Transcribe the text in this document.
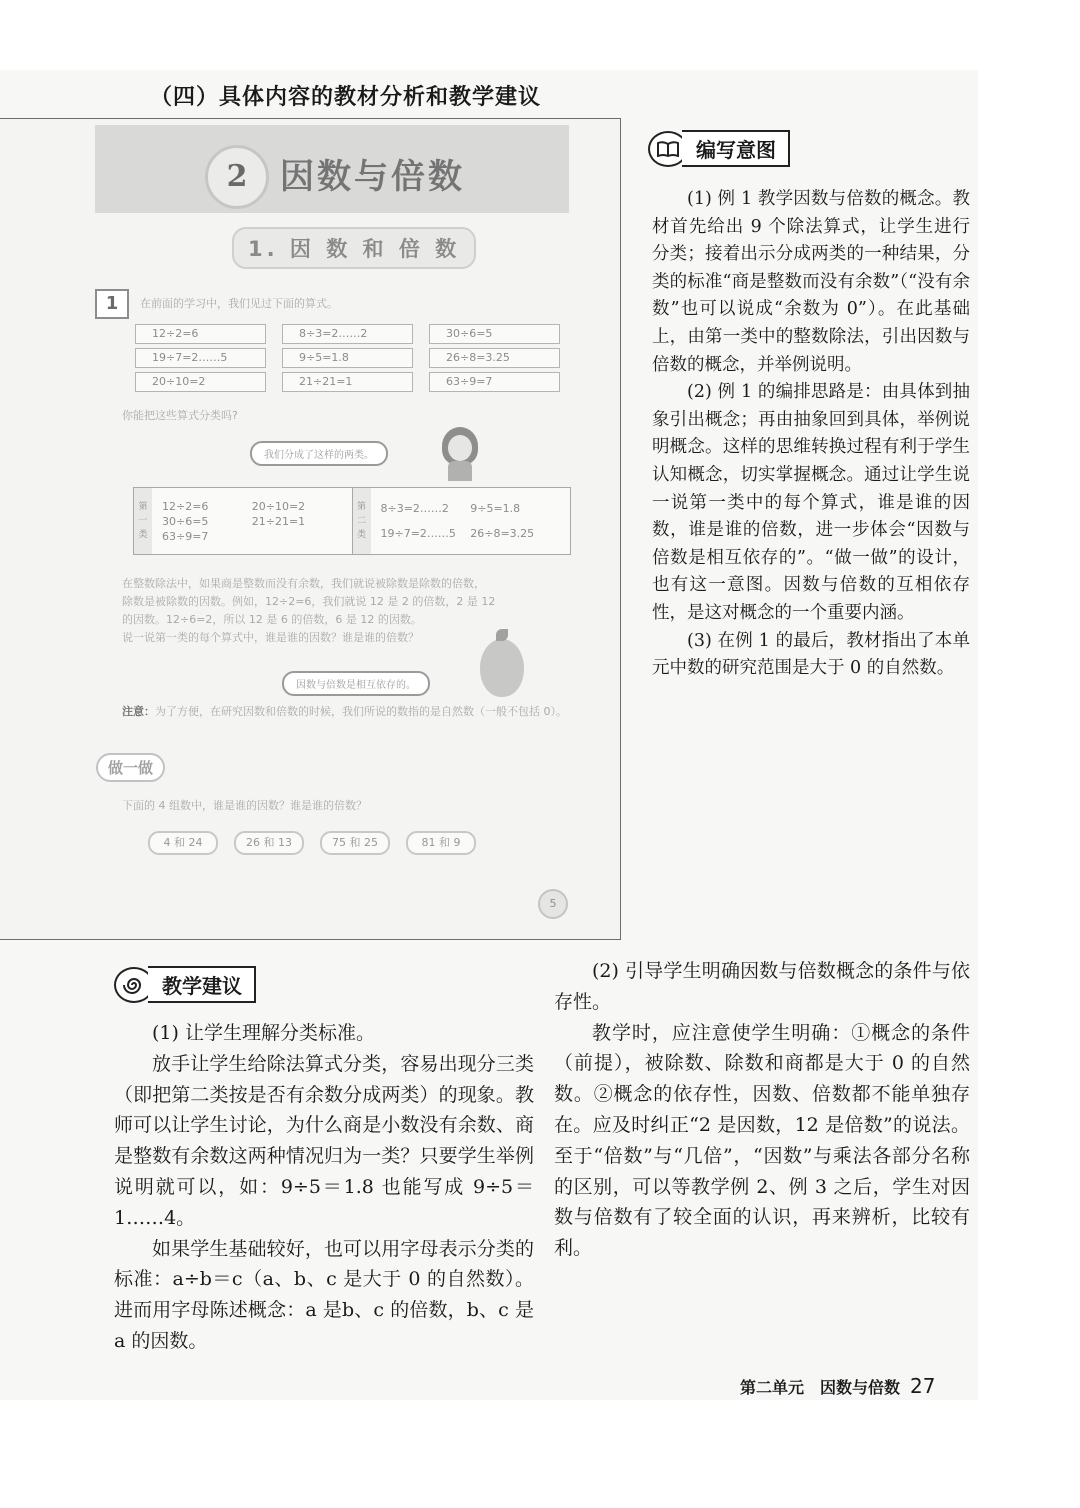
（四）具体内容的教材分析和教学建议
2 因数与倍数
1. 因 数 和 倍 数
1	在前面的学习中，我们见过下面的算式。
12÷2=6	8÷3=2……2	30÷6=5
19÷7=2……5	9÷5=1.8	26÷8=3.25
20÷10=2	21÷21=1	63÷9=7
你能把这些算式分类吗?
我们分成了这样的两类。
第
一
类
12÷2=6	20÷10=2
30÷6=5	21÷21=1
63÷9=7
第
二
类
8÷3=2……2	9÷5=1.8
19÷7=2……5	26÷8=3.25
在整数除法中，如果商是整数而没有余数，我们就说被除数是除数的倍数，
除数是被除数的因数。例如，12÷2=6，我们就说 12 是 2 的倍数，2 是 12
的因数。12÷6=2，所以 12 是 6 的倍数，6 是 12 的因数。
说一说第一类的每个算式中，谁是谁的因数？谁是谁的倍数？
因数与倍数是相互依存的。
注意：为了方便，在研究因数和倍数的时候，我们所说的数指的是自然数（一般不包括 0）。
做一做
下面的 4 组数中，谁是谁的因数？谁是谁的倍数？
4 和 24	26 和 13	75 和 25	81 和 9
5
编写意图

(1) 例 1 教学因数与倍数的概念。教材首先给出 9 个除法算式，让学生进行分类；接着出示分成两类的一种结果，分类的标准“商是整数而没有余数”（“没有余数”也可以说成“余数为 0”）。在此基础上，由第一类中的整数除法，引出因数与倍数的概念，并举例说明。

(2) 例 1 的编排思路是：由具体到抽象引出概念；再由抽象回到具体，举例说明概念。这样的思维转换过程有利于学生认知概念，切实掌握概念。通过让学生说一说第一类中的每个算式，谁是谁的因数，谁是谁的倍数，进一步体会“因数与倍数是相互依存的”。“做一做”的设计，也有这一意图。因数与倍数的互相依存性，是这对概念的一个重要内涵。

(3) 在例 1 的最后，教材指出了本单元中数的研究范围是大于 0 的自然数。

教学建议

(1) 让学生理解分类标准。

放手让学生给除法算式分类，容易出现分三类（即把第二类按是否有余数分成两类）的现象。教师可以让学生讨论，为什么商是小数没有余数、商是整数有余数这两种情况归为一类？只要学生举例说明就可以，如：9÷5＝1.8 也能写成 9÷5＝1……4。

如果学生基础较好，也可以用字母表示分类的标准：a÷b＝c（a、b、c 是大于 0 的自然数）。进而用字母陈述概念：a 是b、c 的倍数，b、c 是a 的因数。

(2) 引导学生明确因数与倍数概念的条件与依存性。

教学时，应注意使学生明确：①概念的条件（前提），被除数、除数和商都是大于 0 的自然数。②概念的依存性，因数、倍数都不能单独存在。应及时纠正“2 是因数，12 是倍数”的说法。至于“倍数”与“几倍”，“因数”与乘法各部分名称的区别，可以等教学例 2、例 3 之后，学生对因数与倍数有了较全面的认识，再来辨析，比较有利。

第二单元　因数与倍数 27
